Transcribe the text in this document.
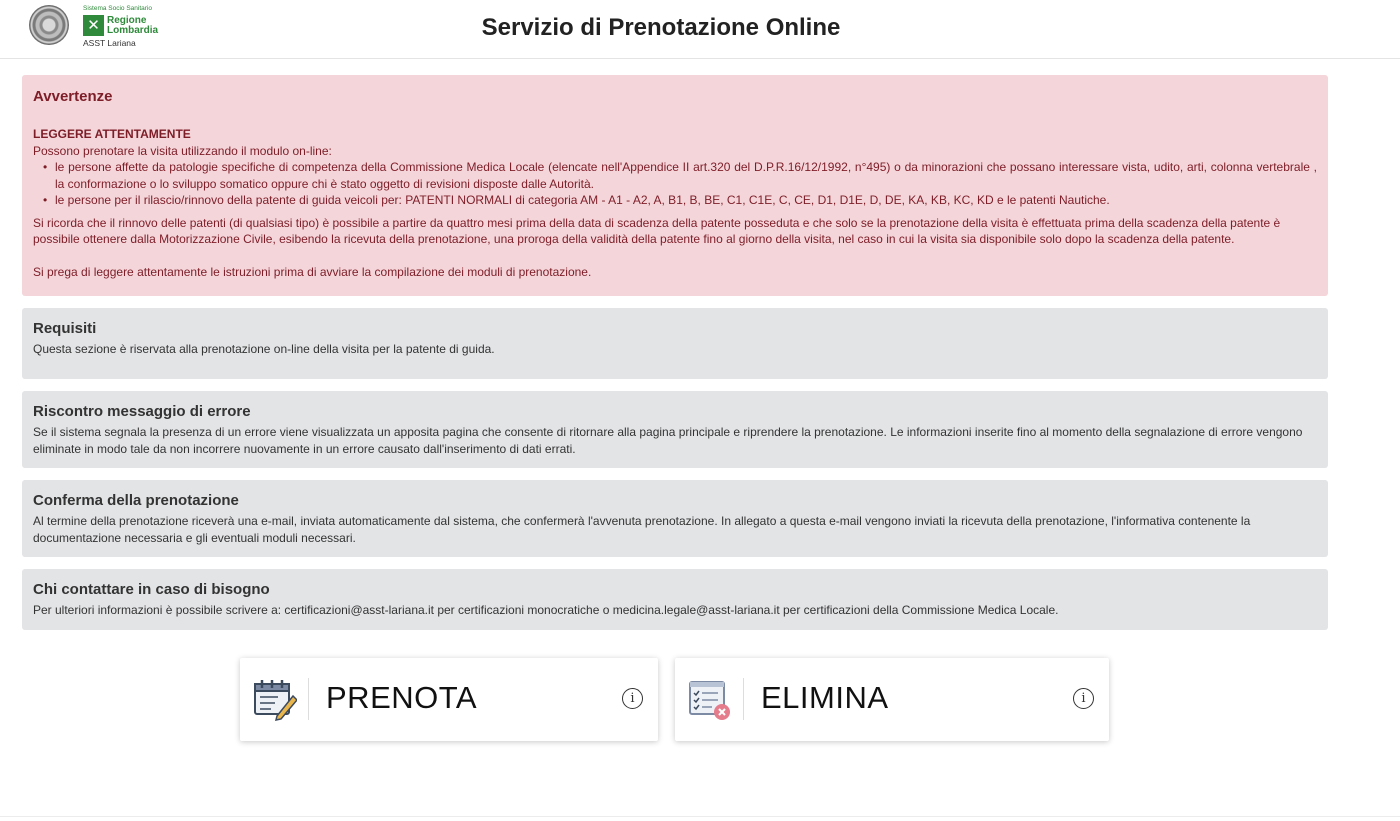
Sistema Socio Sanitario
✕ Regione
Lombardia
ASST Lariana
Servizio di Prenotazione Online
Avvertenze

LEGGERE ATTENTAMENTE

Possono prenotare la visita utilizzando il modulo on-line:

• le persone affette da patologie specifiche di competenza della Commissione Medica Locale (elencate nell'Appendice II art.320 del D.P.R.16/12/1992, n°495) o da minorazioni che possano interessare vista, udito, arti, colonna vertebrale , la conformazione o lo sviluppo somatico oppure chi è stato oggetto di revisioni disposte dalle Autorità.
• le persone per il rilascio/rinnovo della patente di guida veicoli per: PATENTI NORMALI di categoria AM - A1 - A2, A, B1, B, BE, C1, C1E, C, CE, D1, D1E, D, DE, KA, KB, KC, KD e le patenti Nautiche.

Si ricorda che il rinnovo delle patenti (di qualsiasi tipo) è possibile a partire da quattro mesi prima della data di scadenza della patente posseduta e che solo se la prenotazione della visita è effettuata prima della scadenza della patente è possibile ottenere dalla Motorizzazione Civile, esibendo la ricevuta della prenotazione, una proroga della validità della patente fino al giorno della visita, nel caso in cui la visita sia disponibile solo dopo la scadenza della patente.

Si prega di leggere attentamente le istruzioni prima di avviare la compilazione dei moduli di prenotazione.

Requisiti

Questa sezione è riservata alla prenotazione on-line della visita per la patente di guida.

Riscontro messaggio di errore

Se il sistema segnala la presenza di un errore viene visualizzata un apposita pagina che consente di ritornare alla pagina principale e riprendere la prenotazione. Le informazioni inserite fino al momento della segnalazione di errore vengono eliminate in modo tale da non incorrere nuovamente in un errore causato dall'inserimento di dati errati.

Conferma della prenotazione

Al termine della prenotazione riceverà una e-mail, inviata automaticamente dal sistema, che confermerà l'avvenuta prenotazione. In allegato a questa e-mail vengono inviati la ricevuta della prenotazione, l'informativa contenente la documentazione necessaria e gli eventuali moduli necessari.

Chi contattare in caso di bisogno

Per ulteriori informazioni è possibile scrivere a: certificazioni@asst-lariana.it per certificazioni monocratiche o medicina.legale@asst-lariana.it per certificazioni della Commissione Medica Locale.

PRENOTA	i	ELIMINA	i
